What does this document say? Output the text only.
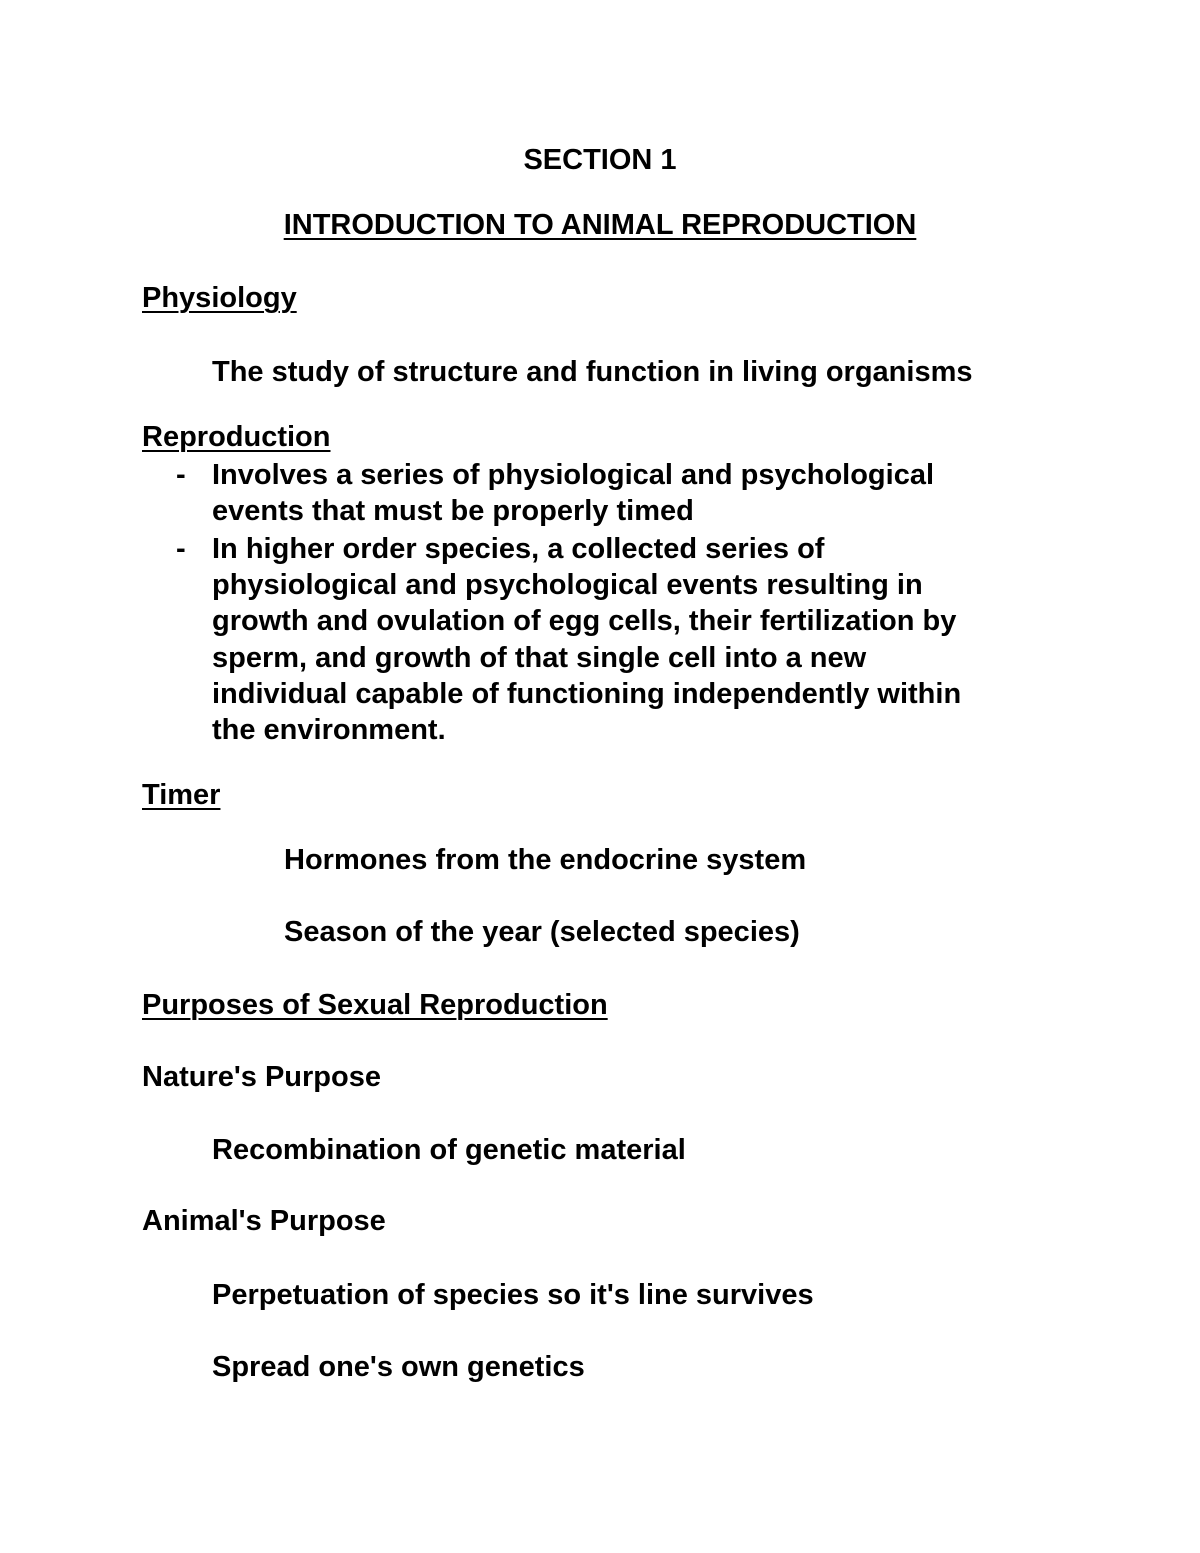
SECTION 1

INTRODUCTION TO ANIMAL REPRODUCTION

Physiology

The study of structure and function in living organisms

Reproduction

- Involves a series of physiological and psychological

events that must be properly timed

- In higher order species, a collected series of

physiological and psychological events resulting in

growth and ovulation of egg cells, their fertilization by

sperm, and growth of that single cell into a new

individual capable of functioning independently within

the environment.

Timer

Hormones from the endocrine system

Season of the year (selected species)

Purposes of Sexual Reproduction

Nature's Purpose

Recombination of genetic material

Animal's Purpose

Perpetuation of species so it's line survives

Spread one's own genetics
